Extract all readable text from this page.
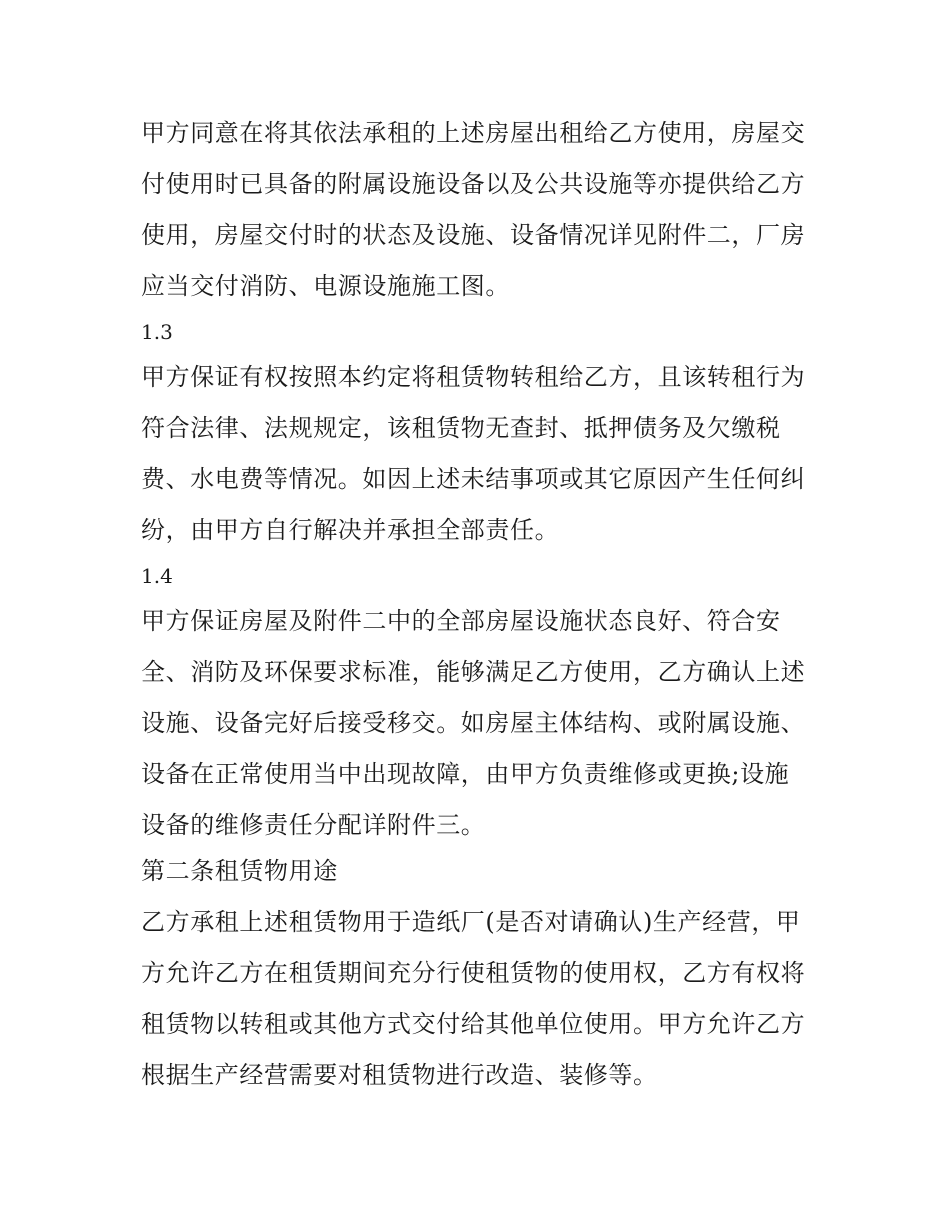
甲方同意在将其依法承租的上述房屋出租给乙方使用，房屋交
付使用时已具备的附属设施设备以及公共设施等亦提供给乙方
使用，房屋交付时的状态及设施、设备情况详见附件二，厂房
应当交付消防、电源设施施工图。

1.3

甲方保证有权按照本约定将租赁物转租给乙方，且该转租行为
符合法律、法规规定，该租赁物无查封、抵押债务及欠缴税
费、水电费等情况。如因上述未结事项或其它原因产生任何纠
纷，由甲方自行解决并承担全部责任。

1.4

甲方保证房屋及附件二中的全部房屋设施状态良好、符合安
全、消防及环保要求标准，能够满足乙方使用，乙方确认上述
设施、设备完好后接受移交。如房屋主体结构、或附属设施、
设备在正常使用当中出现故障，由甲方负责维修或更换;设施
设备的维修责任分配详附件三。

第二条租赁物用途

乙方承租上述租赁物用于造纸厂(是否对请确认)生产经营，甲
方允许乙方在租赁期间充分行使租赁物的使用权，乙方有权将
租赁物以转租或其他方式交付给其他单位使用。甲方允许乙方
根据生产经营需要对租赁物进行改造、装修等。
